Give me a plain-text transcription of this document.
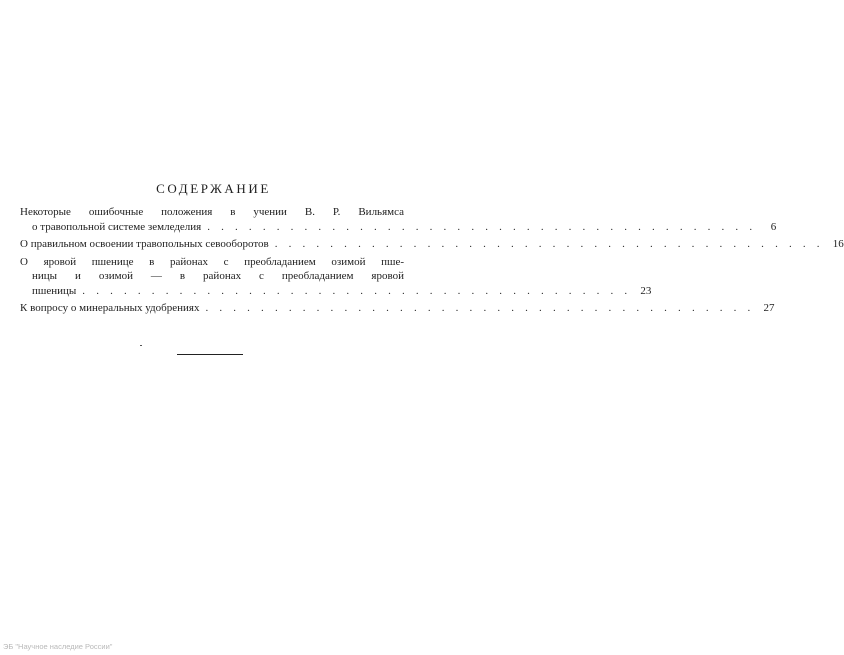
СОДЕРЖАНИЕ
Некоторые ошибочные положения в учении В. Р. Вильямса
о травопольной системе земледелия . . . . . . . . . . . . . . . . . . . . . . . . . . . . . . . . . . . . . . . .	6
О правильном освоении травопольных севооборотов . . . . . . . . . . . . . . . . . . . . . . . . . . . . . . . . . . . . . . . . 16
О яровой пшенице в районах с преобладанием озимой пше-
ницы и озимой — в районах с преобладанием яровой
пшеницы . . . . . . . . . . . . . . . . . . . . . . . . . . . . . . . . . . . . . . . . 23
К вопросу о минеральных удобрениях . . . . . . . . . . . . . . . . . . . . . . . . . . . . . . . . . . . . . . . . 27
ЭБ "Научное наследие России"
